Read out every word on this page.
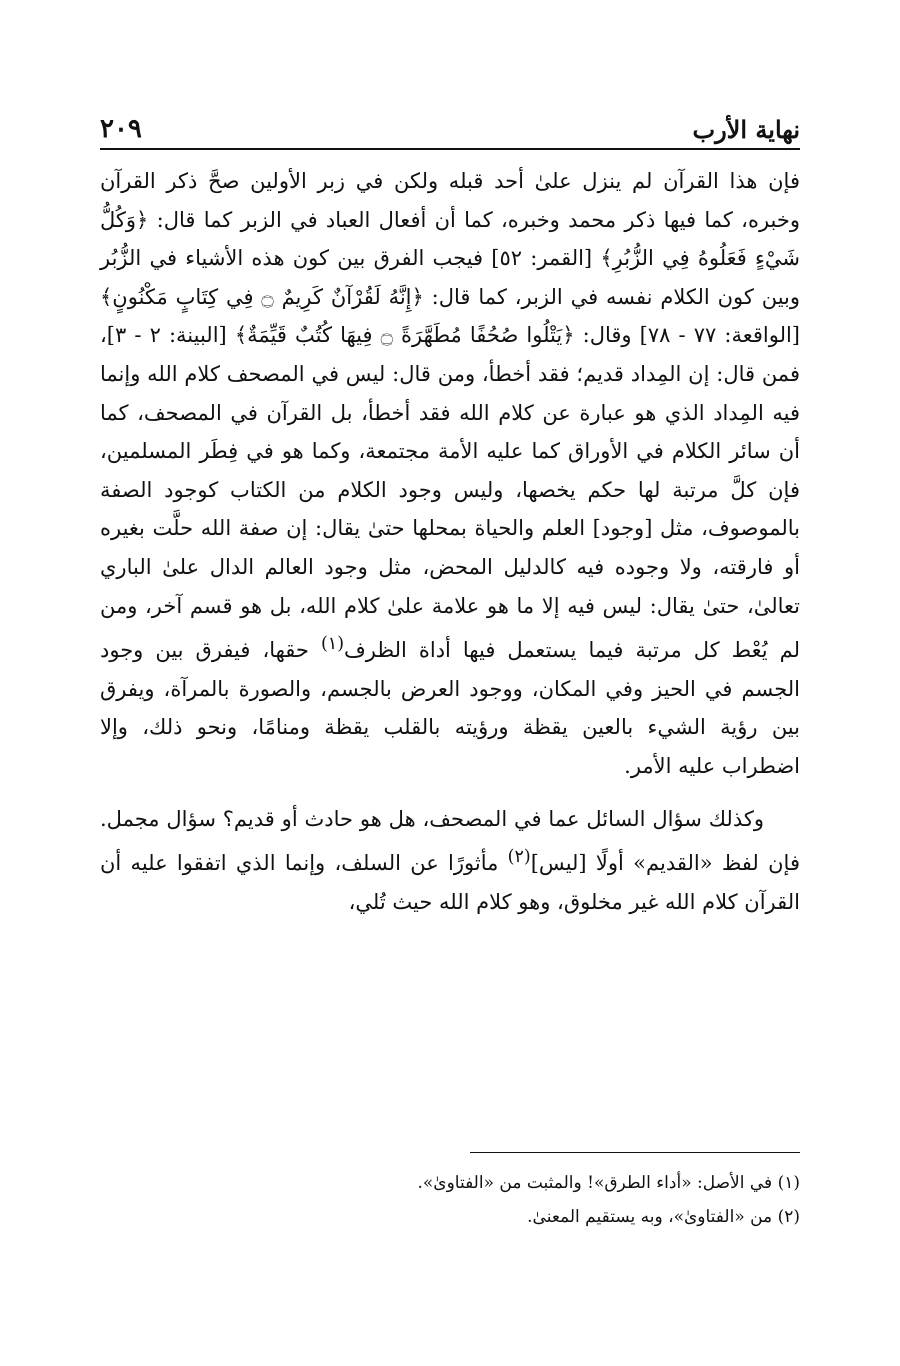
نهاية الأرب
٢٠٩

فإن هذا القرآن لم ينزل علىٰ أحد قبله ولكن في زبر الأولين صحَّ ذكر القرآن وخبره، كما فيها ذكر محمد وخبره، كما أن أفعال العباد في الزبر كما قال: ﴿وَكُلُّ شَيْءٍ فَعَلُوهُ فِي الزُّبُرِ﴾ [القمر: ٥٢] فيجب الفرق بين كون هذه الأشياء في الزُّبُر وبين كون الكلام نفسه في الزبر، كما قال: ﴿إِنَّهُ لَقُرْآنٌ كَرِيمٌ ۝ فِي كِتَابٍ مَكْنُونٍ﴾ [الواقعة: ٧٧ - ٧٨] وقال: ﴿يَتْلُوا صُحُفًا مُطَهَّرَةً ۝ فِيهَا كُتُبٌ قَيِّمَةٌ﴾ [البينة: ٢ - ٣]، فمن قال: إن المِداد قديم؛ فقد أخطأ، ومن قال: ليس في المصحف كلام الله وإنما فيه المِداد الذي هو عبارة عن كلام الله فقد أخطأ، بل القرآن في المصحف، كما أن سائر الكلام في الأوراق كما عليه الأمة مجتمعة، وكما هو في فِطَر المسلمين، فإن كلَّ مرتبة لها حكم يخصها، وليس وجود الكلام من الكتاب كوجود الصفة بالموصوف، مثل [وجود] العلم والحياة بمحلها حتىٰ يقال: إن صفة الله حلَّت بغيره أو فارقته، ولا وجوده فيه كالدليل المحض، مثل وجود العالم الدال علىٰ الباري تعالىٰ، حتىٰ يقال: ليس فيه إلا ما هو علامة علىٰ كلام الله، بل هو قسم آخر، ومن لم يُعْط كل مرتبة فيما يستعمل فيها أداة الظرف$^{(١)}$ حقها، فيفرق بين وجود الجسم في الحيز وفي المكان، ووجود العرض بالجسم، والصورة بالمرآة، ويفرق بين رؤية الشيء بالعين يقظة ورؤيته بالقلب يقظة ومنامًا، ونحو ذلك، وإلا اضطراب عليه الأمر.

وكذلك سؤال السائل عما في المصحف، هل هو حادث أو قديم؟ سؤال مجمل. فإن لفظ «القديم» أولًا [ليس]$^{(٢)}$ مأثورًا عن السلف، وإنما الذي اتفقوا عليه أن القرآن كلام الله غير مخلوق، وهو كلام الله حيث تُلي،

(١) في الأصل: «أداء الطرق»! والمثبت من «الفتاوىٰ».
(٢) من «الفتاوىٰ»، وبه يستقيم المعنىٰ.
